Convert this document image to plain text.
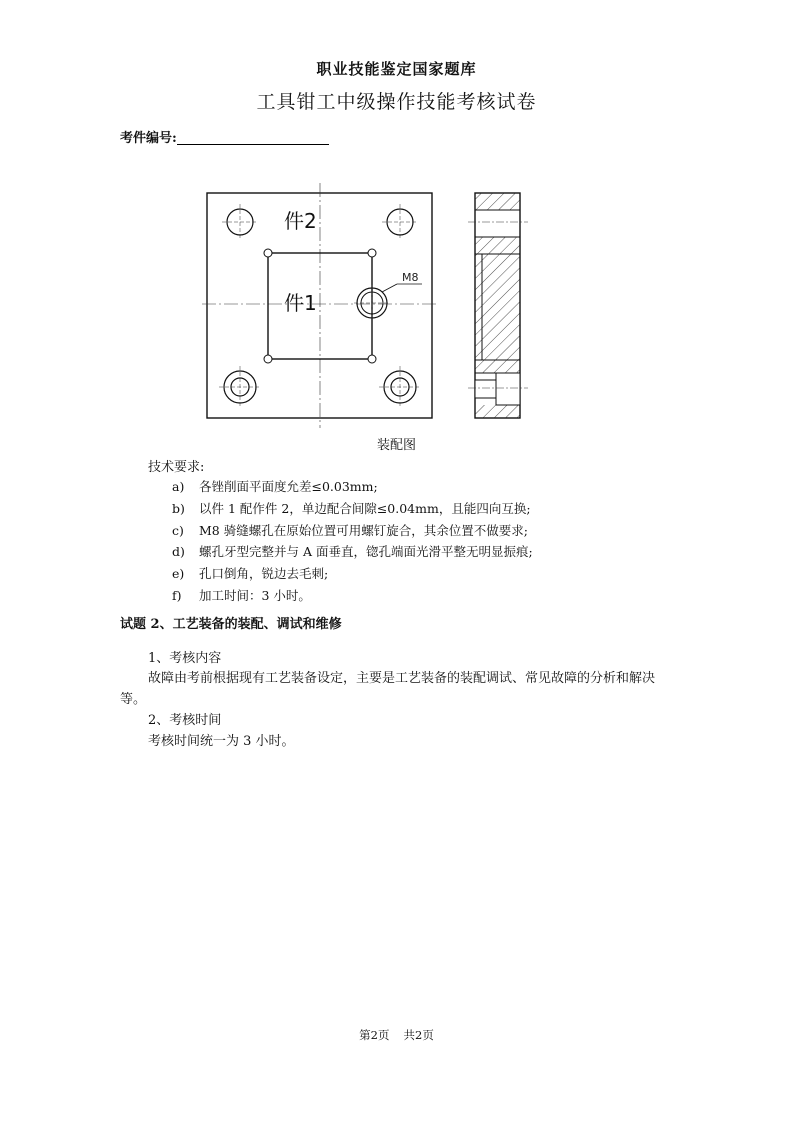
职业技能鉴定国家题库
工具钳工中级操作技能考核试卷
考件编号:
M8
件2
件1
装配图
技术要求:
a) 各锉削面平面度允差≤0.03mm;
b) 以件 1 配作件 2，单边配合间隙≤0.04mm，且能四向互换;
c) M8 骑缝螺孔在原始位置可用螺钉旋合，其余位置不做要求;
d) 螺孔牙型完整并与 A 面垂直，锪孔端面光滑平整无明显振痕;
e) 孔口倒角，锐边去毛刺;
f) 加工时间：3 小时。
试题 2、工艺装备的装配、调试和维修
1、考核内容
故障由考前根据现有工艺装备设定，主要是工艺装备的装配调试、常见故障的分析和解决等。
2、考核时间
考核时间统一为 3 小时。
第2页 共2页
